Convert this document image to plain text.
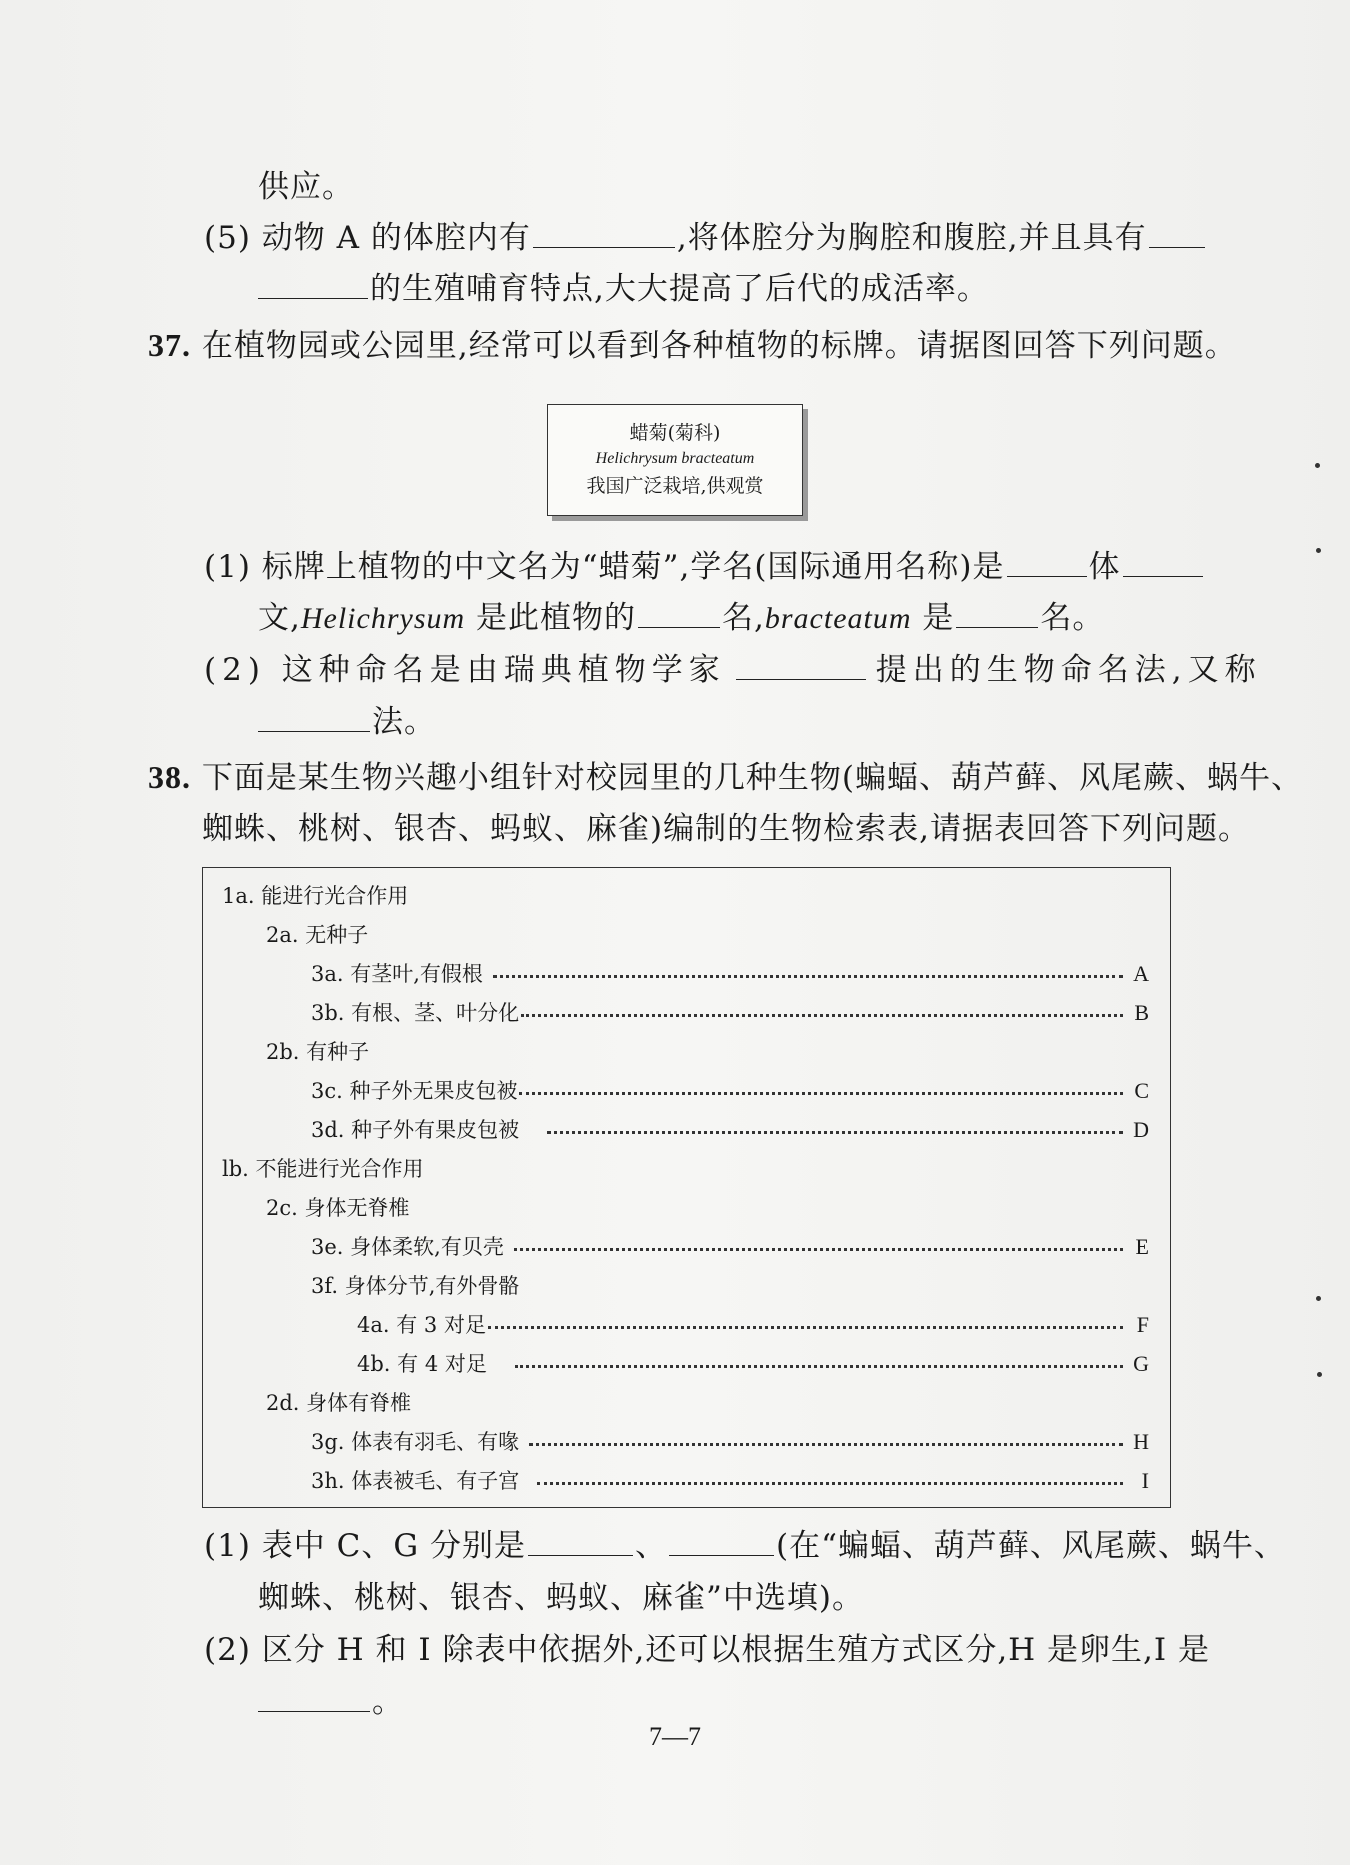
供应。
(5) 动物 A 的体腔内有	,将体腔分为胸腔和腹腔,并且具有
的生殖哺育特点,大大提高了后代的成活率。
37. 在植物园或公园里,经常可以看到各种植物的标牌。请据图回答下列问题。
蜡菊(菊科)
Helichrysum bracteatum
我国广泛栽培,供观赏
(1) 标牌上植物的中文名为“蜡菊”,学名(国际通用名称)是	体
文,Helichrysum 是此植物的	名,bracteatum 是	名。
(2) 这种命名是由瑞典植物学家	提出的生物命名法,又称
法。
38. 下面是某生物兴趣小组针对校园里的几种生物(蝙蝠、葫芦藓、风尾蕨、蜗牛、
蜘蛛、桃树、银杏、蚂蚁、麻雀)编制的生物检索表,请据表回答下列问题。
1a. 能进行光合作用
2a. 无种子
3a. 有茎叶,有假根	A
3b. 有根、茎、叶分化	B
2b. 有种子
3c. 种子外无果皮包被	C
3d. 种子外有果皮包被	D
lb. 不能进行光合作用
2c. 身体无脊椎
3e. 身体柔软,有贝壳	E
3f. 身体分节,有外骨骼
4a. 有 3 对足	F
4b. 有 4 对足	G
2d. 身体有脊椎
3g. 体表有羽毛、有喙	H
3h. 体表被毛、有子宫	I
(1) 表中 C、G 分别是	、	(在“蝙蝠、葫芦藓、风尾蕨、蜗牛、
蜘蛛、桃树、银杏、蚂蚁、麻雀”中选填)。
(2) 区分 H 和 I 除表中依据外,还可以根据生殖方式区分,H 是卵生,I 是
。
7—7
